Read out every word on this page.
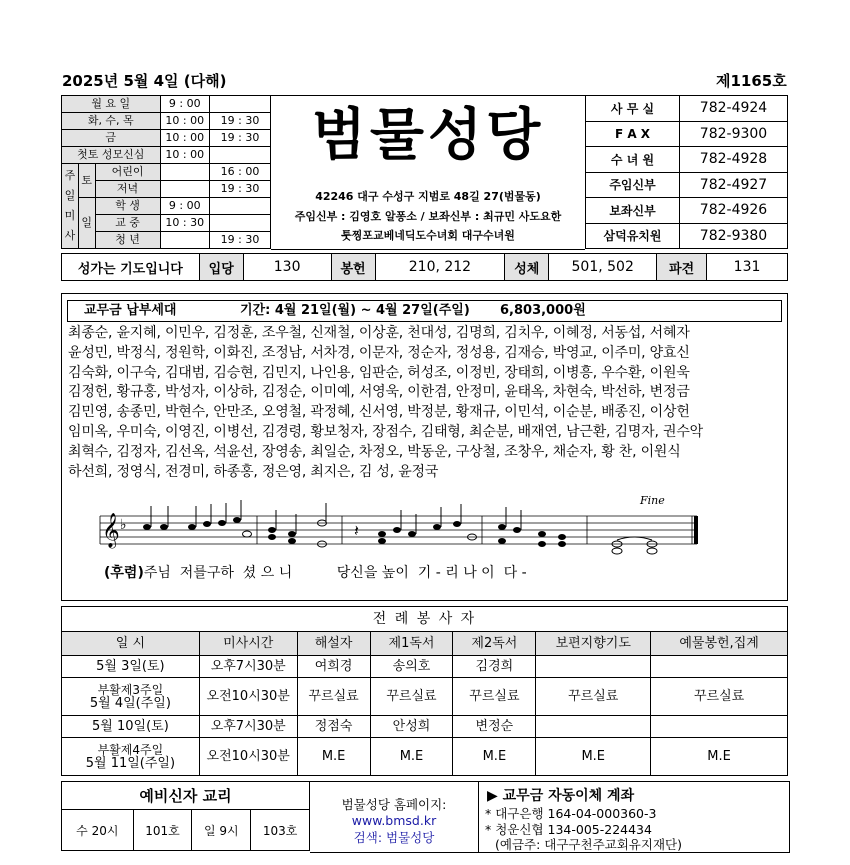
2025년 5월 4일 (다해)	제1165호
월 요 일			9 : 00	
화, 수, 목			10 : 00	19 : 30
금			10 : 00	19 : 30
첫토 성모신심			10 : 00	

주
일
미
사	토	어린이		16 : 00
		저녁		19 : 30
	일	학 생	9 : 00	
		교 중	10 : 30	
		청 년		19 : 30
범물성당
42246 대구 수성구 지범로 48길 27(범물동)
주임신부 : 김영호 알퐁소 / 보좌신부 : 최규민 사도요한
툿찡포교베네딕도수녀회 대구수녀원
사 무 실	782-4924
F A X	782-9300
수 녀 원	782-4928
주임신부	782-4927
보좌신부	782-4926
삼덕유치원	782-9380
성가는 기도입니다	입당	130	봉헌	210, 212	성체	501, 502	파견	131
교무금 납부세대	기간: 4월 21일(월) ~ 4월 27일(주일) 6,803,000원
최종순, 윤지혜, 이민우, 김정훈, 조우철, 신재철, 이상훈, 천대성, 김명희, 김치우, 이혜정, 서동섭, 서혜자
윤성민, 박정식, 정원학, 이화진, 조정남, 서차경, 이문자, 정순자, 정성용, 김재승, 박영교, 이주미, 양효신
김숙화, 이구숙, 김대범, 김승현, 김민지, 나인용, 임판순, 허성조, 이정빈, 장태희, 이병흥, 우수환, 이원욱
김정헌, 황규홍, 박성자, 이상하, 김정순, 이미예, 서영욱, 이한겸, 안정미, 윤태옥, 차현숙, 박선하, 변정금
김민영, 송종민, 박현수, 안만조, 오영철, 곽정혜, 신서영, 박정분, 황재규, 이민석, 이순분, 배종진, 이상헌
임미옥, 우미숙, 이영진, 이병선, 김경령, 황보청자, 장점수, 김태형, 최순분, 배재연, 남근환, 김명자, 권수악
최혁수, 김정자, 김선옥, 석윤선, 장영송, 최일순, 차정오, 박동운, 구상철, 조창우, 채순자, 황 찬, 이원식
하선희, 정영식, 전경미, 하종홍, 정은영, 최지은, 김 성, 윤정국
𝄞 ♭	𝄽
Fine
(후렴)주님  저를구하  셨 으 니          당신을 높이  기 - 리 나 이  다 -
전 례 봉 사 자						
일 시	미사시간	해설자	제1독서	제2독서	보편지향기도	예물봉헌,집계

5월 3일(토)	오후7시30분	여희경	송의호	김경희		

부활제3주일
5월 4일(주일)	오전10시30분	꾸르실료	꾸르실료	꾸르실료	꾸르실료	꾸르실료

5월 10일(토)	오후7시30분	정점숙	안성희	변정순		

부활제4주일
5월 11일(주일)	오전10시30분	M.E	M.E	M.E	M.E	M.E
예비신자 교리
수 20시	101호	일 9시	103호
범물성당 홈페이지:
www.bmsd.kr
검색: 범물성당
▶ 교무금 자동이체 계좌
* 대구은행 164-04-000360-3
* 청운신협 134-005-224434
(예금주: 대구구천주교회유지재단)
